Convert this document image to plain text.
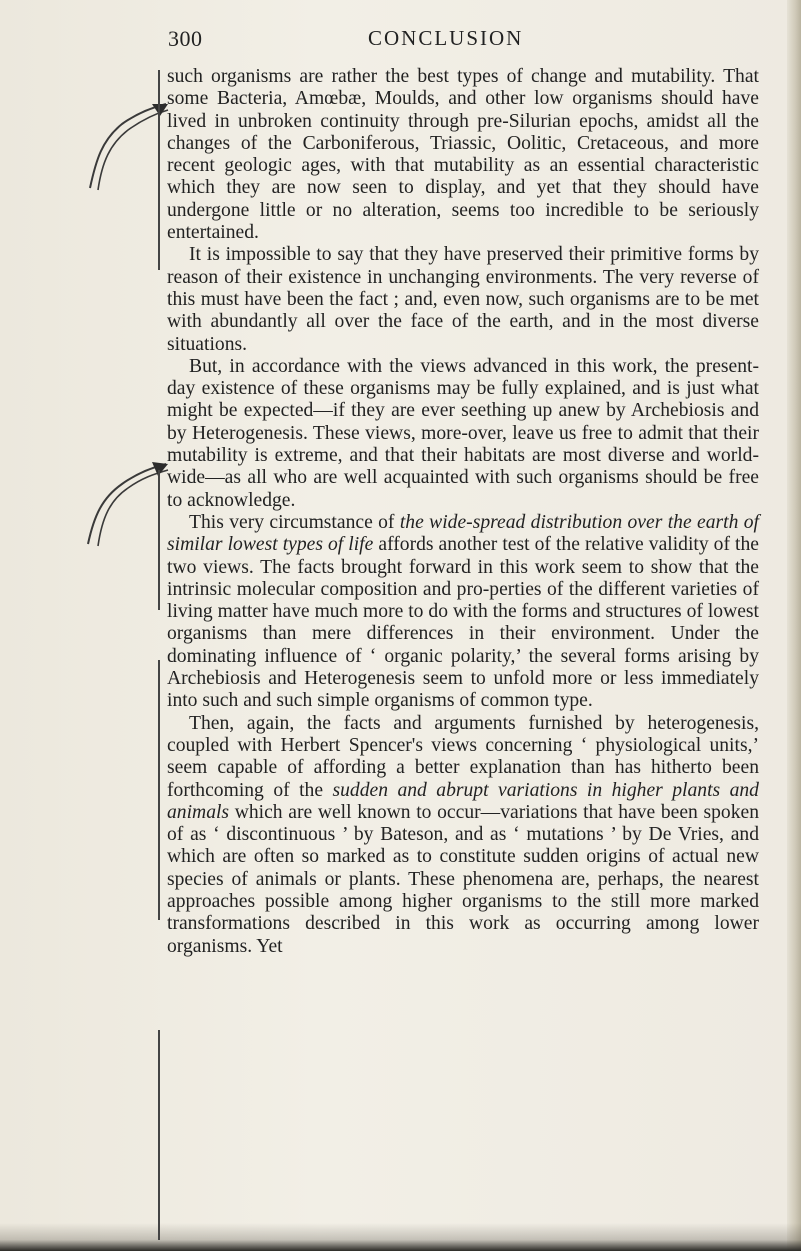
300	CONCLUSION

such organisms are rather the best types of change and mutability. That some Bacteria, Amœbæ, Moulds, and other low organisms should have lived in unbroken continuity through pre-Silurian epochs, amidst all the changes of the Carboniferous, Triassic, Oolitic, Cretaceous, and more recent geologic ages, with that mutability as an essential characteristic which they are now seen to display, and yet that they should have undergone little or no alteration, seems too incredible to be seriously entertained.

It is impossible to say that they have preserved their primitive forms by reason of their existence in unchanging environments. The very reverse of this must have been the fact ; and, even now, such organisms are to be met with abundantly all over the face of the earth, and in the most diverse situations.

But, in accordance with the views advanced in this work, the present-day existence of these organisms may be fully explained, and is just what might be expected—if they are ever seething up anew by Archebiosis and by Heterogenesis. These views, more-over, leave us free to admit that their mutability is extreme, and that their habitats are most diverse and world-wide—as all who are well acquainted with such organisms should be free to acknowledge.

This very circumstance of the wide-spread distribution over the earth of similar lowest types of life affords another test of the relative validity of the two views. The facts brought forward in this work seem to show that the intrinsic molecular composition and pro-perties of the different varieties of living matter have much more to do with the forms and structures of lowest organisms than mere differences in their environment. Under the dominating influence of ‘ organic polarity,’ the several forms arising by Archebiosis and Heterogenesis seem to unfold more or less immediately into such and such simple organisms of common type.

Then, again, the facts and arguments furnished by heterogenesis, coupled with Herbert Spencer's views concerning ‘ physiological units,’ seem capable of affording a better explanation than has hitherto been forthcoming of the sudden and abrupt variations in higher plants and animals which are well known to occur—variations that have been spoken of as ‘ discontinuous ’ by Bateson, and as ‘ mutations ’ by De Vries, and which are often so marked as to constitute sudden origins of actual new species of animals or plants. These phenomena are, perhaps, the nearest approaches possible among higher organisms to the still more marked transformations described in this work as occurring among lower organisms. Yet
